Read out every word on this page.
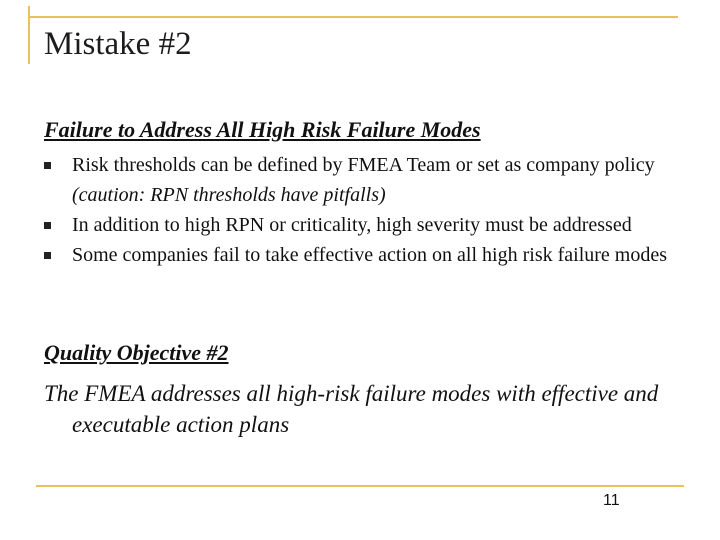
Mistake #2
Failure to Address All High Risk Failure Modes
Risk thresholds can be defined by FMEA Team or set as company policy (caution: RPN thresholds have pitfalls)
In addition to high RPN or criticality, high severity must be addressed
Some companies fail to take effective action on all high risk failure modes
Quality Objective #2
The FMEA addresses all high-risk failure modes with effective and executable action plans
11
